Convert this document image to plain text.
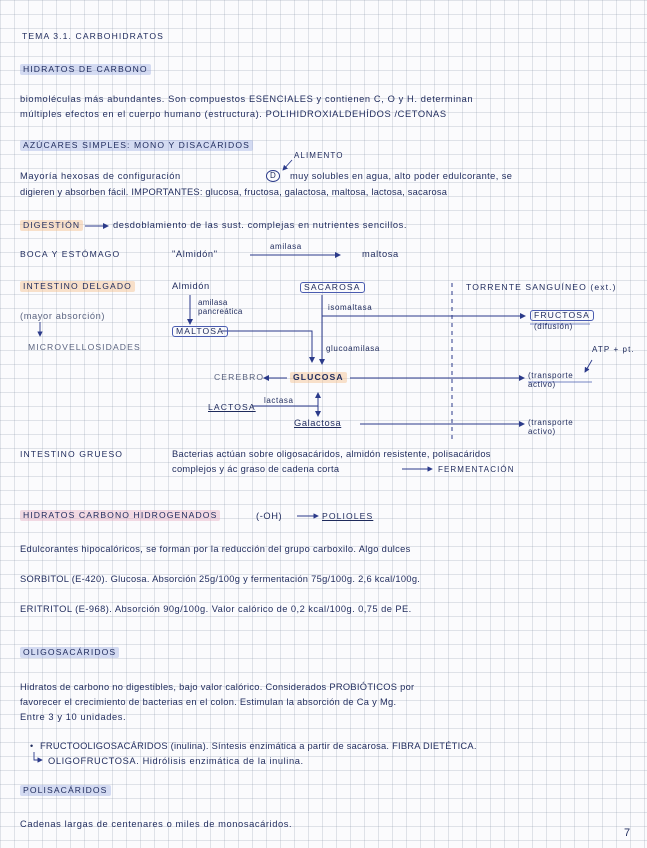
TEMA 3.1. CARBOHIDRATOS
HIDRATOS DE CARBONO
biomoléculas más abundantes. Son compuestos ESENCIALES y contienen C, O y H. determinan
múltiples efectos en el cuerpo humano (estructura). POLIHIDROXIALDEHÍDOS /CETONAS
AZÚCARES SIMPLES: MONO Y DISACÁRIDOS
ALIMENTO
Mayoría hexosas de configuración	D	muy solubles en agua, alto poder edulcorante, se
digieren y absorben fácil. IMPORTANTES: glucosa, fructosa, galactosa, maltosa, lactosa, sacarosa
DIGESTIÓN	desdoblamiento de las sust. complejas en nutrientes sencillos.
BOCA Y ESTÓMAGO	"Almidón"
amilasa
maltosa
INTESTINO DELGADO
(mayor absorción)
MICROVELLOSIDADES
Almidón
amilasa pancreática
MALTOSA
SACAROSA
isomaltasa
glucoamilasa
TORRENTE SANGUÍNEO (ext.)
FRUCTOSA
(difusión)
ATP + pt.
CEREBRO	GLUCOSA	(transporte activo)
LACTOSA
lactasa
Galactosa	(transporte activo)
INTESTINO GRUESO	Bacterias actúan sobre oligosacáridos, almidón resistente, polisacáridos
complejos y ác graso de cadena corta	FERMENTACIÓN
HIDRATOS CARBONO HIDROGENADOS	(-OH)	POLIOLES
Edulcorantes hipocalóricos, se forman por la reducción del grupo carboxilo. Algo dulces
SORBITOL (E-420). Glucosa. Absorción 25g/100g y fermentación 75g/100g. 2,6 kcal/100g.
ERITRITOL (E-968). Absorción 90g/100g. Valor calórico de 0,2 kcal/100g. 0,75 de PE.
OLIGOSACÁRIDOS
Hidratos de carbono no digestibles, bajo valor calórico. Considerados PROBIÓTICOS por
favorecer el crecimiento de bacterias en el colon. Estimulan la absorción de Ca y Mg.
Entre 3 y 10 unidades.
• FRUCTOOLIGOSACÁRIDOS (inulina). Síntesis enzimática a partir de sacarosa. FIBRA DIETÉTICA.
OLIGOFRUCTOSA. Hidrólisis enzimática de la inulina.
POLISACÁRIDOS
Cadenas largas de centenares o miles de monosacáridos.
7
